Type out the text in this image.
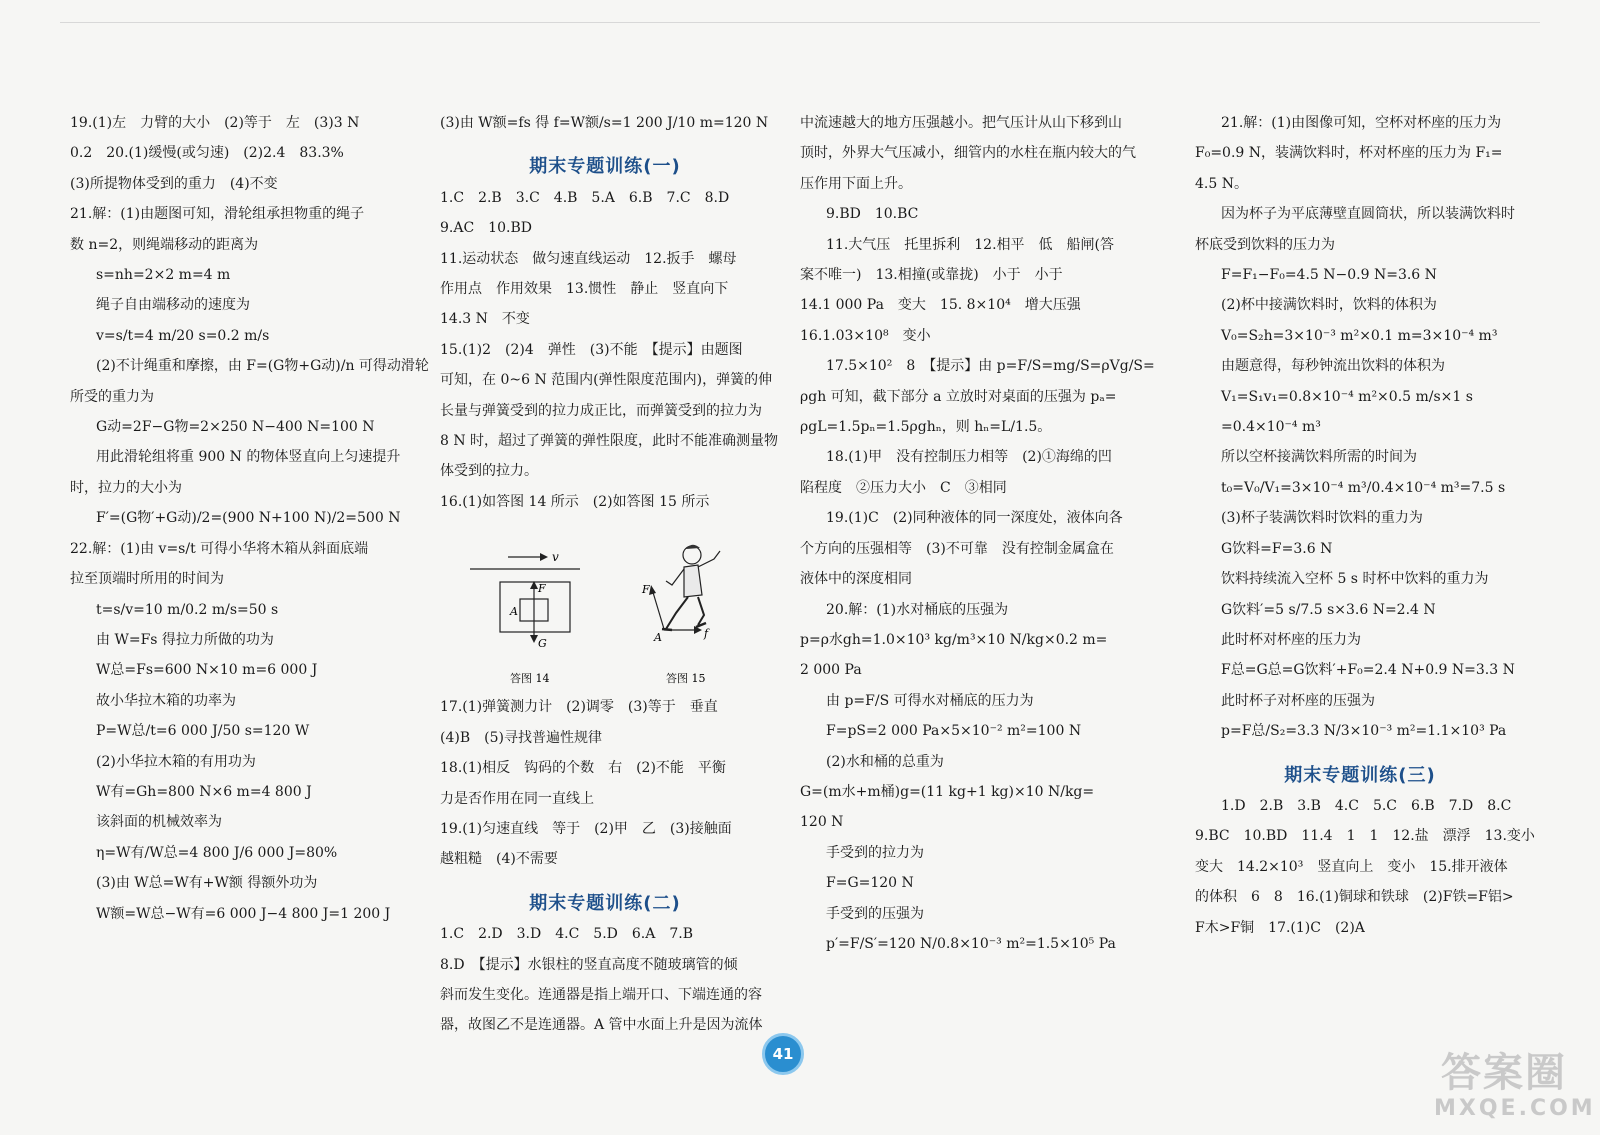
19.(1)左　力臂的大小　(2)等于　左　(3)3 N

0.2　20.(1)缓慢(或匀速)　(2)2.4　83.3%

(3)所提物体受到的重力　(4)不变

21.解：(1)由题图可知，滑轮组承担物重的绳子

数 n=2，则绳端移动的距离为

s=nh=2×2 m=4 m

绳子自由端移动的速度为

v=s/t=4 m/20 s=0.2 m/s

(2)不计绳重和摩擦，由 F=(G物+G动)/n 可得动滑轮

所受的重力为

G动=2F−G物=2×250 N−400 N=100 N

用此滑轮组将重 900 N 的物体竖直向上匀速提升

时，拉力的大小为

F′=(G物′+G动)/2=(900 N+100 N)/2=500 N

22.解：(1)由 v=s/t 可得小华将木箱从斜面底端

拉至顶端时所用的时间为

t=s/v=10 m/0.2 m/s=50 s

由 W=Fs 得拉力所做的功为

W总=Fs=600 N×10 m=6 000 J

故小华拉木箱的功率为

P=W总/t=6 000 J/50 s=120 W

(2)小华拉木箱的有用功为

W有=Gh=800 N×6 m=4 800 J

该斜面的机械效率为

η=W有/W总=4 800 J/6 000 J=80%

(3)由 W总=W有+W额 得额外功为

W额=W总−W有=6 000 J−4 800 J=1 200 J

(3)由 W额=fs 得 f=W额/s=1 200 J/10 m=120 N

期末专题训练(一)

1.C　2.B　3.C　4.B　5.A　6.B　7.C　8.D

9.AC　10.BD

11.运动状态　做匀速直线运动　12.扳手　螺母

作用点　作用效果　13.惯性　静止　竖直向下

14.3 N　不变

15.(1)2　(2)4　弹性　(3)不能　【提示】由题图

可知，在 0~6 N 范围内(弹性限度范围内)，弹簧的伸

长量与弹簧受到的拉力成正比，而弹簧受到的拉力为

8 N 时，超过了弹簧的弹性限度，此时不能准确测量物

体受到的拉力。

16.(1)如答图 14 所示　(2)如答图 15 所示

v
F
G
A
答图 14
F
f
A
答图 15

17.(1)弹簧测力计　(2)调零　(3)等于　垂直

(4)B　(5)寻找普遍性规律

18.(1)相反　钩码的个数　右　(2)不能　平衡

力是否作用在同一直线上

19.(1)匀速直线　等于　(2)甲　乙　(3)接触面

越粗糙　(4)不需要

期末专题训练(二)

1.C　2.D　3.D　4.C　5.D　6.A　7.B

8.D　【提示】水银柱的竖直高度不随玻璃管的倾

斜而发生变化。连通器是指上端开口、下端连通的容

器，故图乙不是连通器。A 管中水面上升是因为流体

中流速越大的地方压强越小。把气压计从山下移到山

顶时，外界大气压减小，细管内的水柱在瓶内较大的气

压作用下面上升。

9.BD　10.BC

11.大气压　托里拆利　12.相平　低　船闸(答

案不唯一)　13.相撞(或靠拢)　小于　小于

14.1 000 Pa　变大　15. 8×10⁴　增大压强

16.1.03×10⁸　变小

17.5×10²　8　【提示】由 p=F/S=mg/S=ρVg/S=

ρgh 可知，截下部分 a 立放时对桌面的压强为 pₐ=

ρgL=1.5pₙ=1.5ρghₙ，则 hₙ=L/1.5。

18.(1)甲　没有控制压力相等　(2)①海绵的凹

陷程度　②压力大小　C　③相同

19.(1)C　(2)同种液体的同一深度处，液体向各

个方向的压强相等　(3)不可靠　没有控制金属盒在

液体中的深度相同

20.解：(1)水对桶底的压强为

p=ρ水gh=1.0×10³ kg/m³×10 N/kg×0.2 m=

2 000 Pa

由 p=F/S 可得水对桶底的压力为

F=pS=2 000 Pa×5×10⁻² m²=100 N

(2)水和桶的总重为

G=(m水+m桶)g=(11 kg+1 kg)×10 N/kg=

120 N

手受到的拉力为

F=G=120 N

手受到的压强为

p′=F/S′=120 N/0.8×10⁻³ m²=1.5×10⁵ Pa

21.解：(1)由图像可知，空杯对杯座的压力为

F₀=0.9 N，装满饮料时，杯对杯座的压力为 F₁=

4.5 N。

因为杯子为平底薄壁直圆筒状，所以装满饮料时

杯底受到饮料的压力为

F=F₁−F₀=4.5 N−0.9 N=3.6 N

(2)杯中接满饮料时，饮料的体积为

V₀=S₂h=3×10⁻³ m²×0.1 m=3×10⁻⁴ m³

由题意得，每秒钟流出饮料的体积为

V₁=S₁v₁=0.8×10⁻⁴ m²×0.5 m/s×1 s

=0.4×10⁻⁴ m³

所以空杯接满饮料所需的时间为

t₀=V₀/V₁=3×10⁻⁴ m³/0.4×10⁻⁴ m³=7.5 s

(3)杯子装满饮料时饮料的重力为

G饮料=F=3.6 N

饮料持续流入空杯 5 s 时杯中饮料的重力为

G饮料′=5 s/7.5 s×3.6 N=2.4 N

此时杯对杯座的压力为

F总=G总=G饮料′+F₀=2.4 N+0.9 N=3.3 N

此时杯子对杯座的压强为

p=F总/S₂=3.3 N/3×10⁻³ m²=1.1×10³ Pa

期末专题训练(三)

1.D　2.B　3.B　4.C　5.C　6.B　7.D　8.C

9.BC　10.BD　11.4　1　1　12.盐　漂浮　13.变小

变大　14.2×10³　竖直向上　变小　15.排开液体

的体积　6　8　16.(1)铜球和铁球　(2)F铁=F铝>

F木>F铜　17.(1)C　(2)A

41	答案圈
MXQE.COM
